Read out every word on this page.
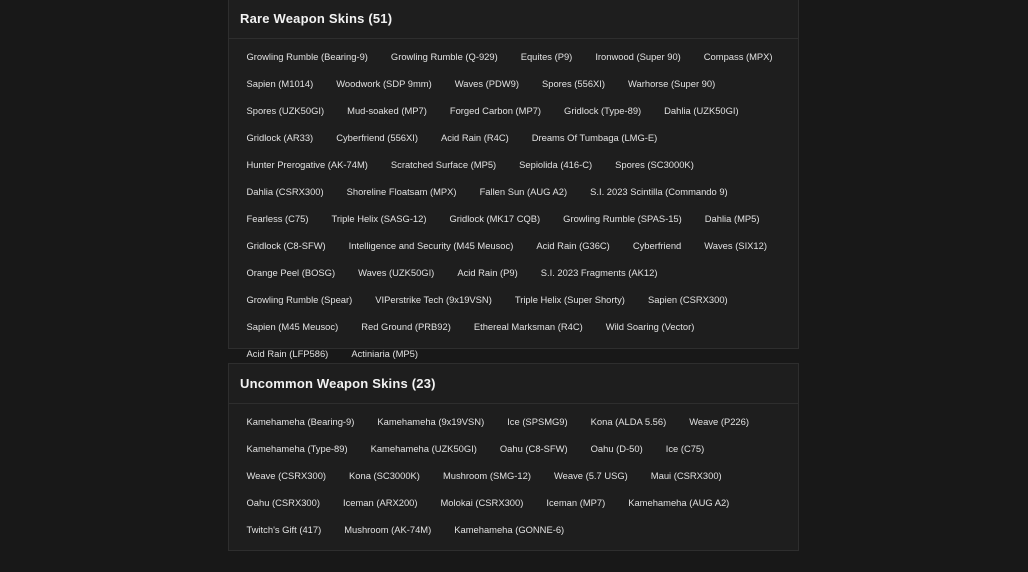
Rare Weapon Skins (51)
Growling Rumble (Bearing-9)	Growling Rumble (Q-929)	Equites (P9)	Ironwood (Super 90)	Compass (MPX)
Sapien (M1014)	Woodwork (SDP 9mm)	Waves (PDW9)	Spores (556XI)	Warhorse (Super 90)
Spores (UZK50GI)	Mud-soaked (MP7)	Forged Carbon (MP7)	Gridlock (Type-89)	Dahlia (UZK50GI)
Gridlock (AR33)	Cyberfriend (556XI)	Acid Rain (R4C)	Dreams Of Tumbaga (LMG-E)
Hunter Prerogative (AK-74M)	Scratched Surface (MP5)	Sepiolida (416-C)	Spores (SC3000K)
Dahlia (CSRX300)	Shoreline Floatsam (MPX)	Fallen Sun (AUG A2)	S.I. 2023 Scintilla (Commando 9)
Fearless (C75)	Triple Helix (SASG-12)	Gridlock (MK17 CQB)	Growling Rumble (SPAS-15)	Dahlia (MP5)
Gridlock (C8-SFW)	Intelligence and Security (M45 Meusoc)	Acid Rain (G36C)	Cyberfriend	Waves (SIX12)
Orange Peel (BOSG)	Waves (UZK50GI)	Acid Rain (P9)	S.I. 2023 Fragments (AK12)
Growling Rumble (Spear)	VIPerstrike Tech (9x19VSN)	Triple Helix (Super Shorty)	Sapien (CSRX300)
Sapien (M45 Meusoc)	Red Ground (PRB92)	Ethereal Marksman (R4C)	Wild Soaring (Vector)
Acid Rain (LFP586)	Actiniaria (MP5)
Uncommon Weapon Skins (23)
Kamehameha (Bearing-9)	Kamehameha (9x19VSN)	Ice (SPSMG9)	Kona (ALDA 5.56)	Weave (P226)
Kamehameha (Type-89)	Kamehameha (UZK50GI)	Oahu (C8-SFW)	Oahu (D-50)	Ice (C75)
Weave (CSRX300)	Kona (SC3000K)	Mushroom (SMG-12)	Weave (5.7 USG)	Maui (CSRX300)
Oahu (CSRX300)	Iceman (ARX200)	Molokai (CSRX300)	Iceman (MP7)	Kamehameha (AUG A2)
Twitch's Gift (417)	Mushroom (AK-74M)	Kamehameha (GONNE-6)
